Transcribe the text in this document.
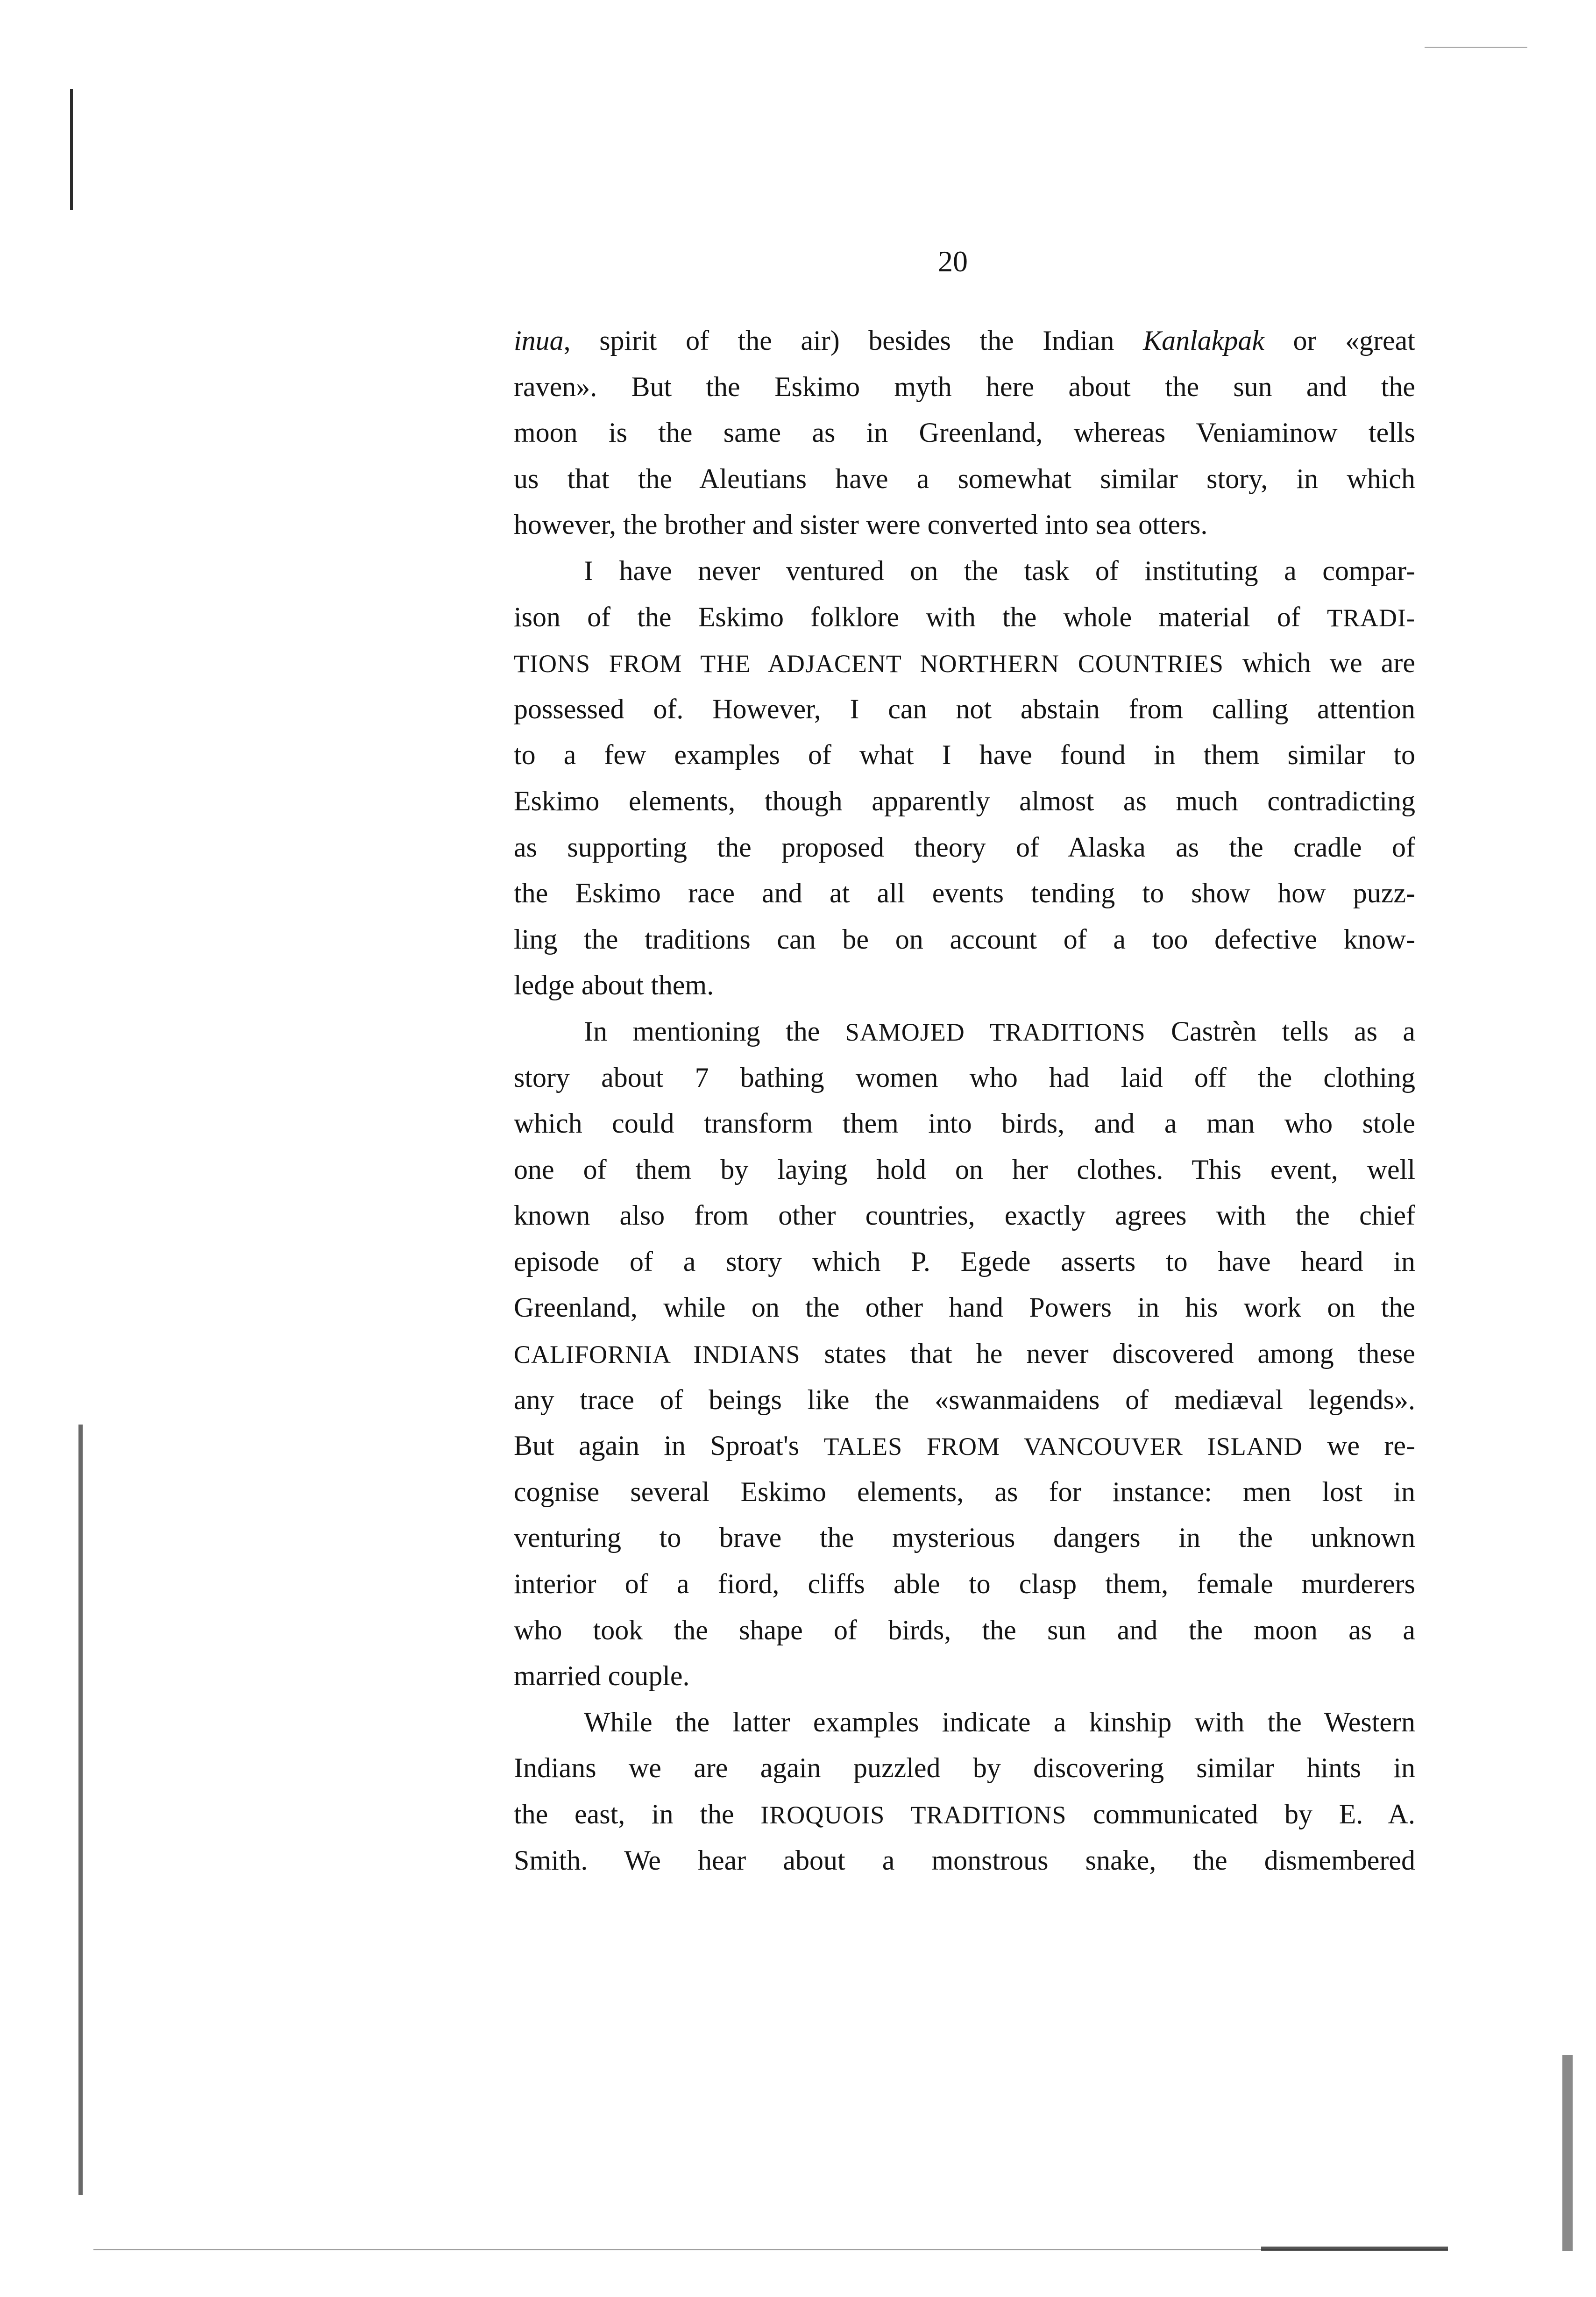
20
inua, spirit of the air) besides the Indian Kanlakpak or «great
raven». But the Eskimo myth here about the sun and the
moon is the same as in Greenland, whereas Veniaminow tells
us that the Aleutians have a somewhat similar story, in which
however, the brother and sister were converted into sea otters.
I have never ventured on the task of instituting a compar-
ison of the Eskimo folklore with the whole material of TRADI-
TIONS FROM THE ADJACENT NORTHERN COUNTRIES which we are
possessed of. However, I can not abstain from calling attention
to a few examples of what I have found in them similar to
Eskimo elements, though apparently almost as much contradicting
as supporting the proposed theory of Alaska as the cradle of
the Eskimo race and at all events tending to show how puzz-
ling the traditions can be on account of a too defective know-
ledge about them.
In mentioning the SAMOJED TRADITIONS Castrèn tells as a
story about 7 bathing women who had laid off the clothing
which could transform them into birds, and a man who stole
one of them by laying hold on her clothes. This event, well
known also from other countries, exactly agrees with the chief
episode of a story which P. Egede asserts to have heard in
Greenland, while on the other hand Powers in his work on the
CALIFORNIA INDIANS states that he never discovered among these
any trace of beings like the «swanmaidens of mediæval legends».
But again in Sproat's TALES FROM VANCOUVER ISLAND we re-
cognise several Eskimo elements, as for instance: men lost in
venturing to brave the mysterious dangers in the unknown
interior of a fiord, cliffs able to clasp them, female murderers
who took the shape of birds, the sun and the moon as a
married couple.
While the latter examples indicate a kinship with the Western
Indians we are again puzzled by discovering similar hints in
the east, in the IROQUOIS TRADITIONS communicated by E. A.
Smith. We hear about a monstrous snake, the dismembered
